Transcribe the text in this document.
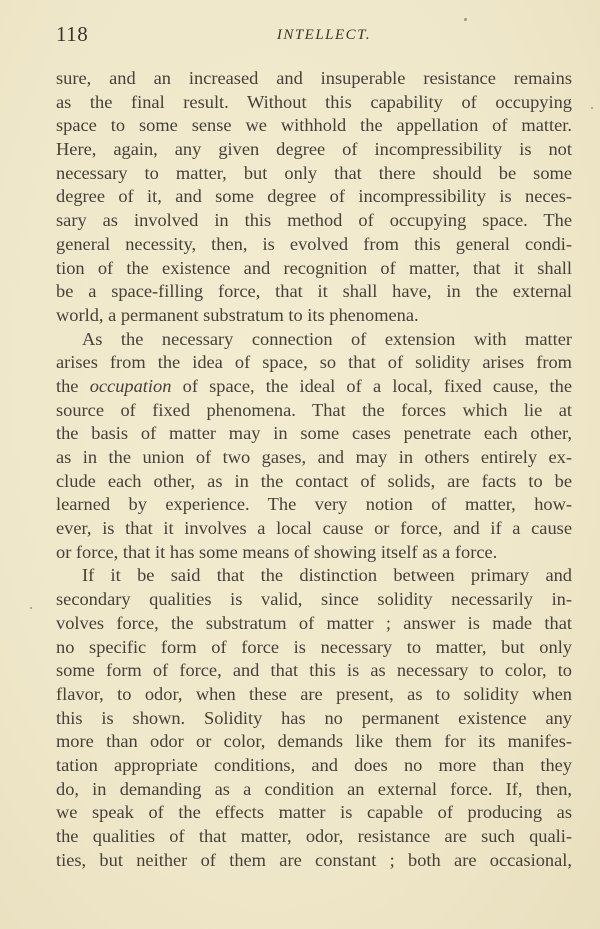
118	INTELLECT.
sure, and an increased and insuperable resistance remains
as the final result. Without this capability of occupying
space to some sense we withhold the appellation of matter.
Here, again, any given degree of incompressibility is not
necessary to matter, but only that there should be some
degree of it, and some degree of incompressibility is neces-
sary as involved in this method of occupying space. The
general necessity, then, is evolved from this general condi-
tion of the existence and recognition of matter, that it shall
be a space-filling force, that it shall have, in the external
world, a permanent substratum to its phenomena.
As the necessary connection of extension with matter
arises from the idea of space, so that of solidity arises from
the occupation of space, the ideal of a local, fixed cause, the
source of fixed phenomena. That the forces which lie at
the basis of matter may in some cases penetrate each other,
as in the union of two gases, and may in others entirely ex-
clude each other, as in the contact of solids, are facts to be
learned by experience. The very notion of matter, how-
ever, is that it involves a local cause or force, and if a cause
or force, that it has some means of showing itself as a force.
If it be said that the distinction between primary and
secondary qualities is valid, since solidity necessarily in-
volves force, the substratum of matter ; answer is made that
no specific form of force is necessary to matter, but only
some form of force, and that this is as necessary to color, to
flavor, to odor, when these are present, as to solidity when
this is shown. Solidity has no permanent existence any
more than odor or color, demands like them for its manifes-
tation appropriate conditions, and does no more than they
do, in demanding as a condition an external force. If, then,
we speak of the effects matter is capable of producing as
the qualities of that matter, odor, resistance are such quali-
ties, but neither of them are constant ; both are occasional,
